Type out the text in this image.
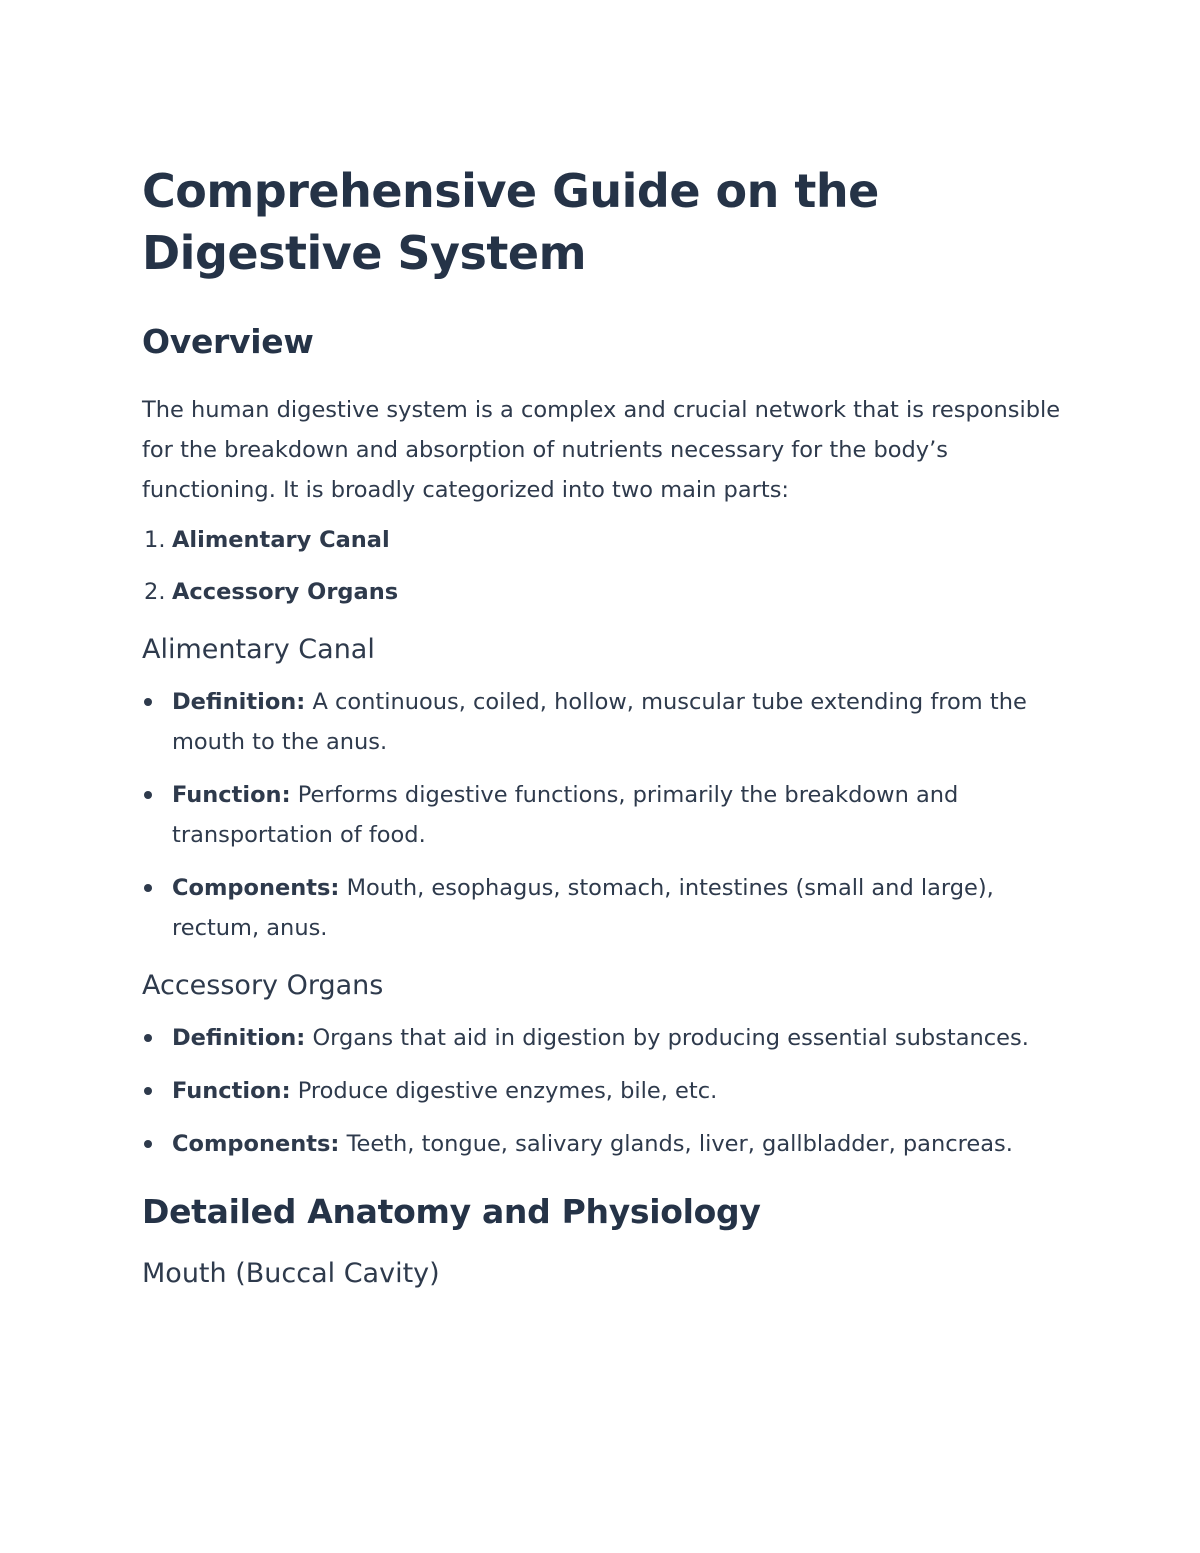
Comprehensive Guide on the Digestive System
Overview

The human digestive system is a complex and crucial network that is responsible for the breakdown and absorption of nutrients necessary for the body’s functioning. It is broadly categorized into two main parts:

1. Alimentary Canal
2. Accessory Organs
Alimentary Canal
Definition: A continuous, coiled, hollow, muscular tube extending from the mouth to the anus.
Function: Performs digestive functions, primarily the breakdown and transportation of food.
Components: Mouth, esophagus, stomach, intestines (small and large), rectum, anus.
Accessory Organs
Definition: Organs that aid in digestion by producing essential substances.
Function: Produce digestive enzymes, bile, etc.
Components: Teeth, tongue, salivary glands, liver, gallbladder, pancreas.
Detailed Anatomy and Physiology
Mouth (Buccal Cavity)
